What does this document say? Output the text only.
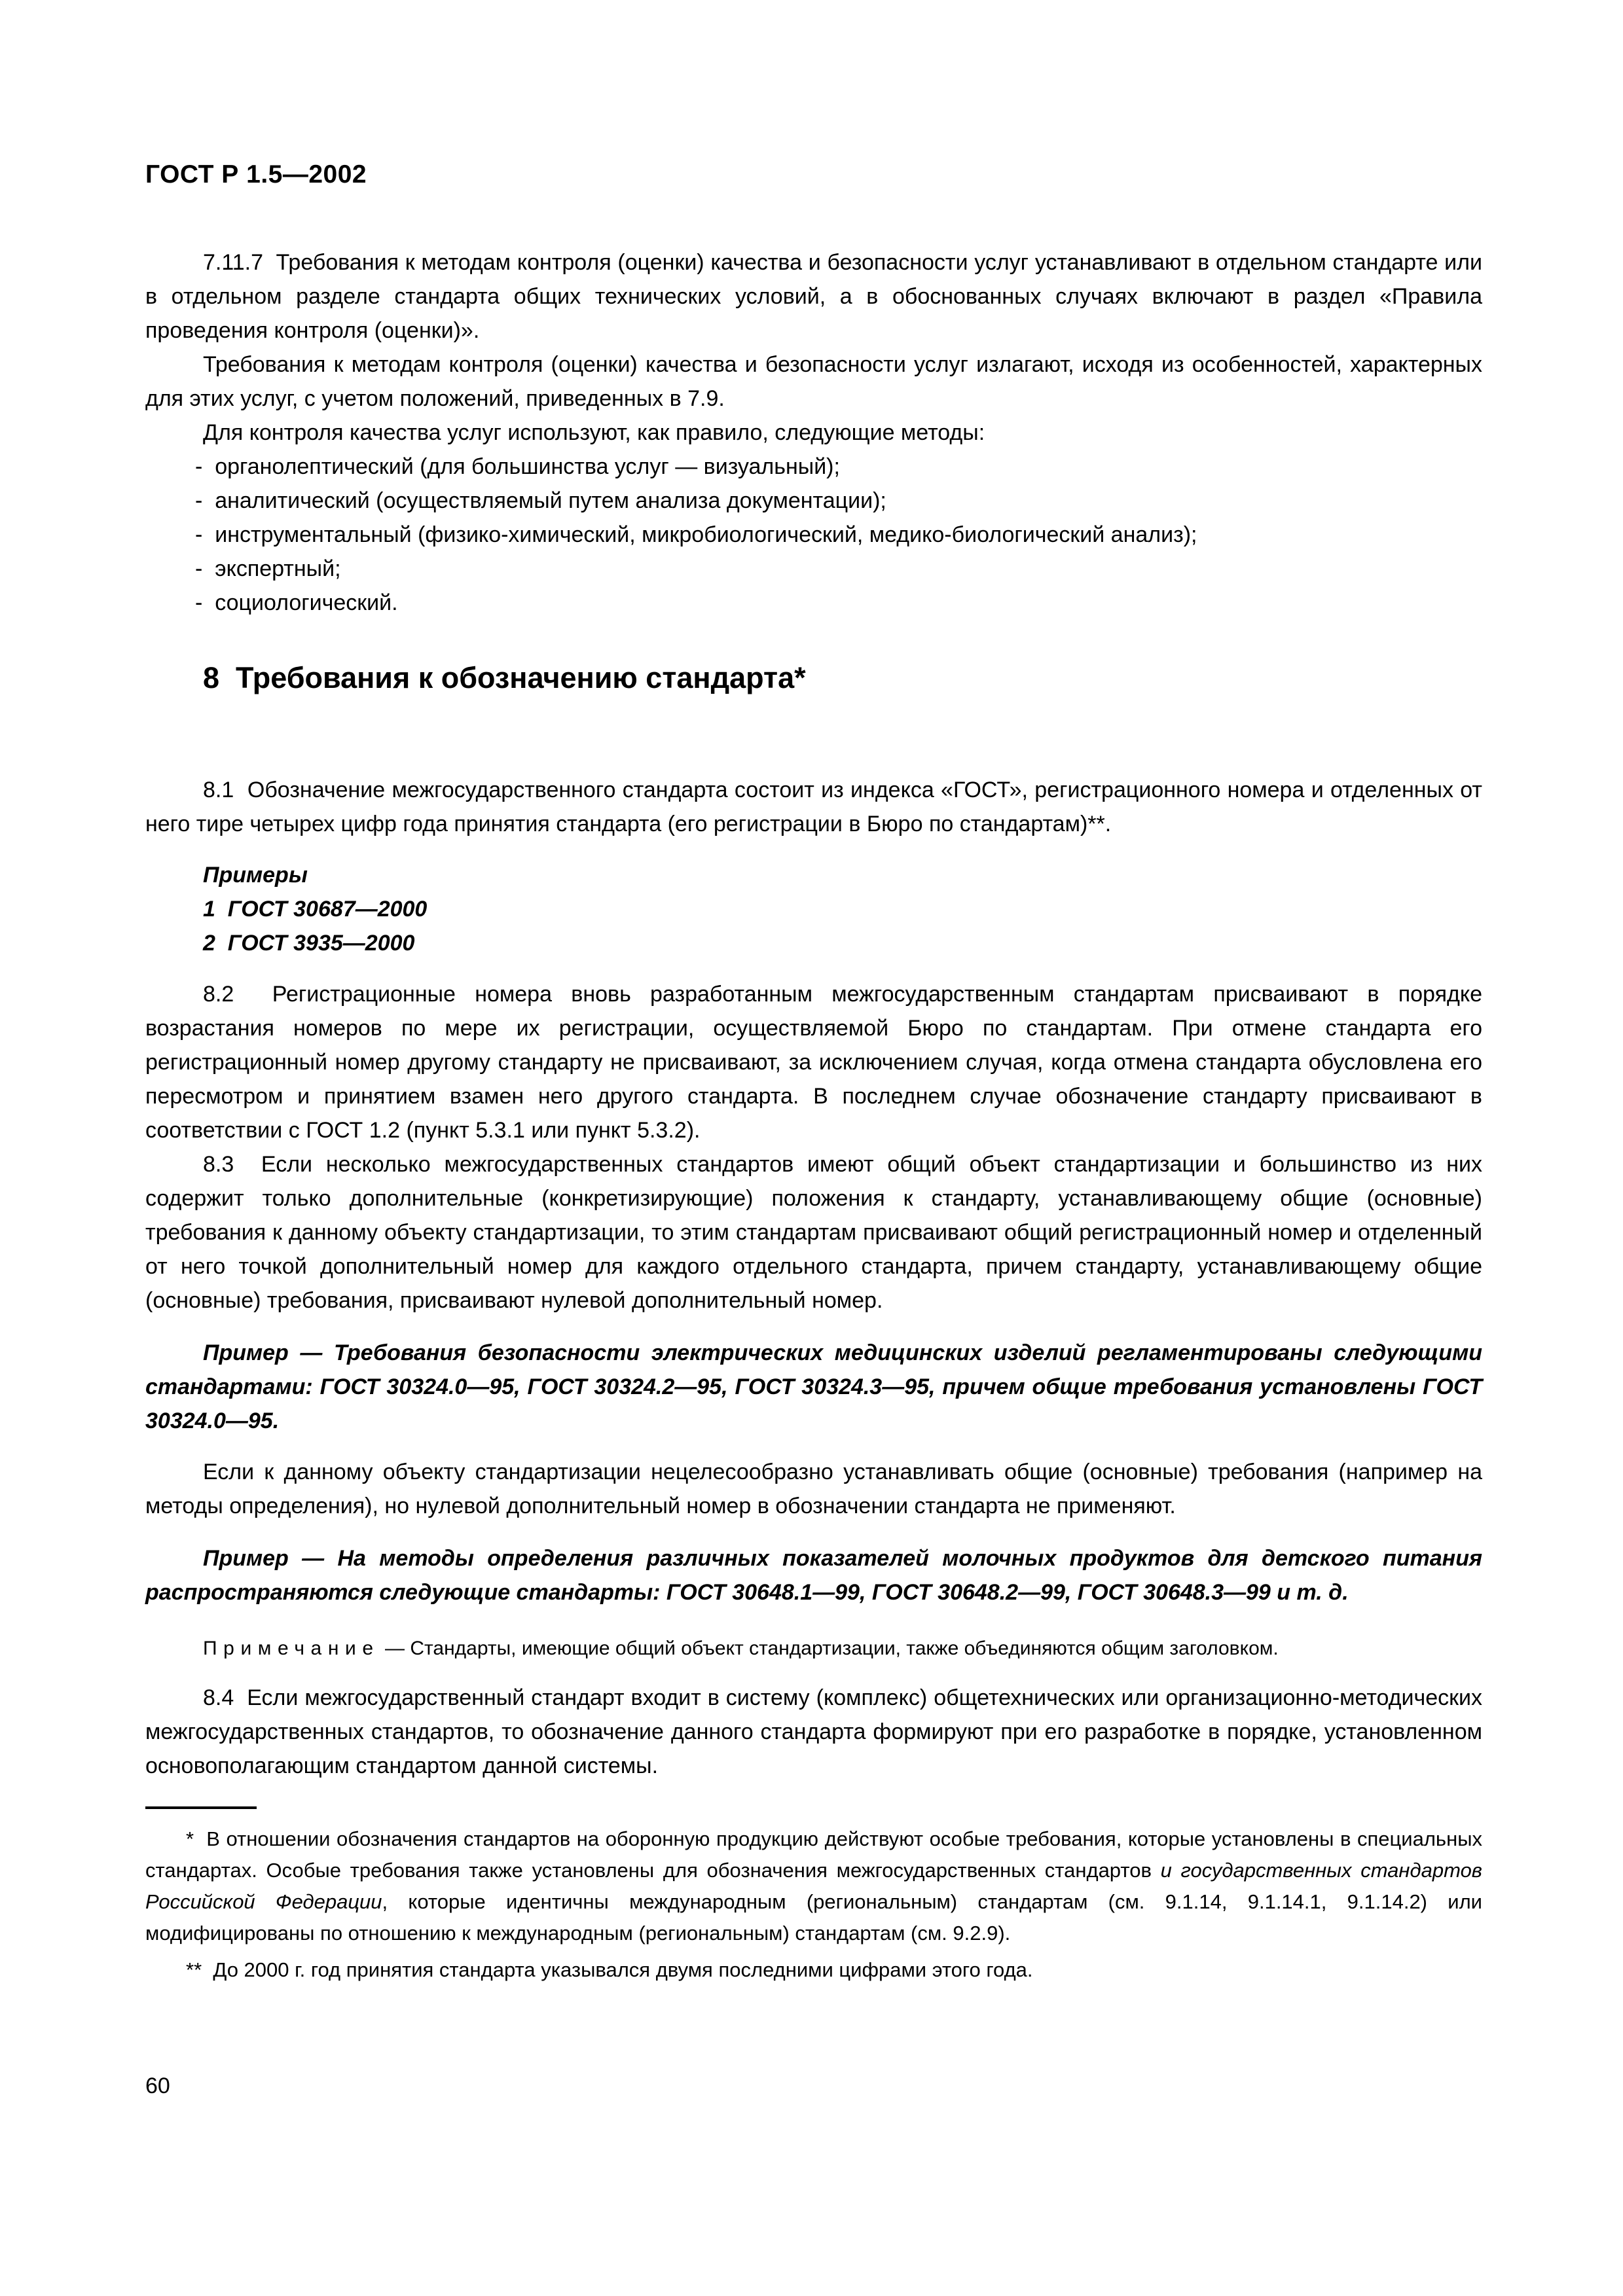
ГОСТ Р 1.5—2002

7.11.7  Требования к методам контроля (оценки) качества и безопасности услуг устанавливают в отдельном стандарте или в отдельном разделе стандарта общих технических условий, а в обоснованных случаях включают в раздел «Правила проведения контроля (оценки)».

Требования к методам контроля (оценки) качества и безопасности услуг излагают, исходя из особенностей, характерных для этих услуг, с учетом положений, приведенных в 7.9.

Для контроля качества услуг используют, как правило, следующие методы:

-  органолептический (для большинства услуг — визуальный);

-  аналитический (осуществляемый путем анализа документации);

-  инструментальный (физико-химический, микробиологический, медико-биологический анализ);

-  экспертный;

-  социологический.

8  Требования к обозначению стандарта*

8.1  Обозначение межгосударственного стандарта состоит из индекса «ГОСТ», регистрационного номера и отделенных от него тире четырех цифр года принятия стандарта (его регистрации в Бюро по стандартам)**.

Примеры
1  ГОСТ 30687—2000
2  ГОСТ 3935—2000

8.2  Регистрационные номера вновь разработанным межгосударственным стандартам присваивают в порядке возрастания номеров по мере их регистрации, осуществляемой Бюро по стандартам. При отмене стандарта его регистрационный номер другому стандарту не присваивают, за исключением случая, когда отмена стандарта обусловлена его пересмотром и принятием взамен него другого стандарта. В последнем случае обозначение стандарту присваивают в соответствии с ГОСТ 1.2 (пункт 5.3.1 или пункт 5.3.2).

8.3  Если несколько межгосударственных стандартов имеют общий объект стандартизации и большинство из них содержит только дополнительные (конкретизирующие) положения к стандарту, устанавливающему общие (основные) требования к данному объекту стандартизации, то этим стандартам присваивают общий регистрационный номер и отделенный от него точкой дополнительный номер для каждого отдельного стандарта, причем стандарту, устанавливающему общие (основные) требования, присваивают нулевой дополнительный номер.

Пример — Требования безопасности электрических медицинских изделий регламентированы следующими стандартами: ГОСТ 30324.0—95, ГОСТ 30324.2—95, ГОСТ 30324.3—95, причем общие требования установлены ГОСТ 30324.0—95.

Если к данному объекту стандартизации нецелесообразно устанавливать общие (основные) требования (например на методы определения), но нулевой дополнительный номер в обозначении стандарта не применяют.

Пример — На методы определения различных показателей молочных продуктов для детского питания распространяются следующие стандарты: ГОСТ 30648.1—99, ГОСТ 30648.2—99, ГОСТ 30648.3—99 и т. д.

Примечание — Стандарты, имеющие общий объект стандартизации, также объединяются общим заголовком.

8.4  Если межгосударственный стандарт входит в систему (комплекс) общетехнических или организационно-методических межгосударственных стандартов, то обозначение данного стандарта формируют при его разработке в порядке, установленном основополагающим стандартом данной системы.

*  В отношении обозначения стандартов на оборонную продукцию действуют особые требования, которые установлены в специальных стандартах. Особые требования также установлены для обозначения межгосударственных стандартов и государственных стандартов Российской Федерации, которые идентичны международным (региональным) стандартам (см. 9.1.14, 9.1.14.1, 9.1.14.2) или модифицированы по отношению к международным (региональным) стандартам (см. 9.2.9).

**  До 2000 г. год принятия стандарта указывался двумя последними цифрами этого года.

60
